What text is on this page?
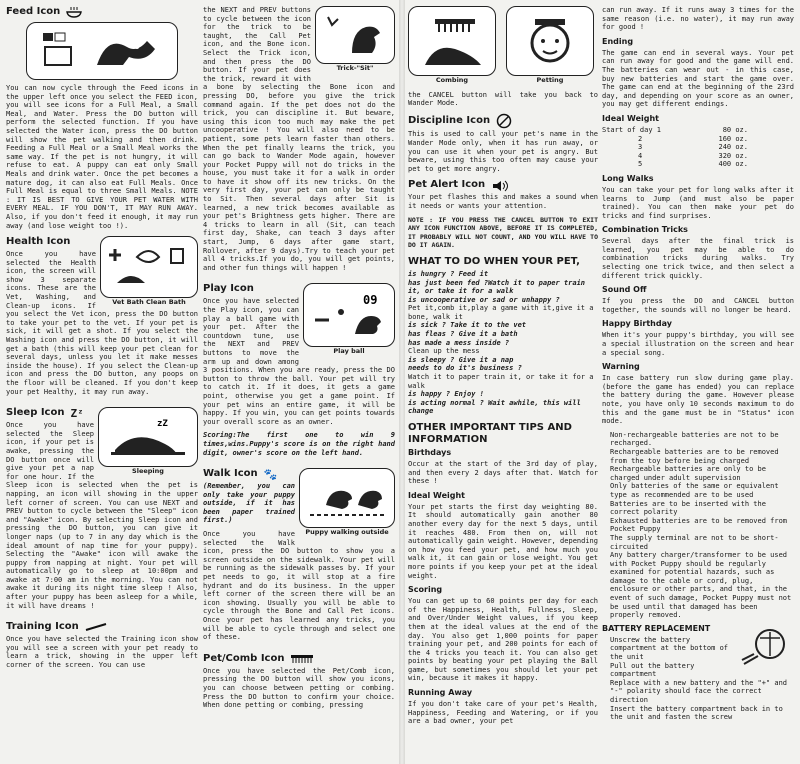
Feed Icon

You can now cycle through the Feed icons in the upper left once you select the FEED icon, you will see icons for a Full Meal, a Small Meal, and Water. Press the DO button will perform the selected function. If you have selected the Water icon, press the DO button will show the pet walking and then drink. Feeding a Full Meal or a Small Meal works the same way. If the pet is not hungry, it will refuse to eat. A puppy can eat only Small Meals and drink water. Once the pet becomes a mature dog, it can also eat Full Meals. Once Full Meal is equal to three Small Meals. NOTE : IT IS BEST TO GIVE YOUR PET WATER WITH EVERY MEAL. IF YOU DON'T, IT MAY RUN AWAY. Also, if you don't feed it enough, it may run away (and lose weight too !).

Vet Bath Clean Bath
Health Icon

Once you have selected the Health icon, the screen will show 3 separate icons. These are the Vet, Washing, and Clean-up icons. If you select the Vet icon, press the DO button to take your pet to the vet. If your pet is sick, it will get a shot. If you select the Washing icon and press the DO button, it will get a bath (this will keep your pet clean for several days, unless you let it make messes inside the house). If you select the Clean-up icon and press the DO button, any poops on the floor will be cleaned. If you don't keep your pet Healthy, it may run away.

zZ
Sleeping
Sleep Icon Zᶻ

Once you have selected the Sleep icon, if your pet is awake, pressing the DO button once will give your pet a nap for one hour. If the Sleep icon is selected when the pet is napping, an icon will showing in the upper left corner of screen. You can use NEXT and PREV button to cycle between the "Sleep" icon and "Awake" icon. By selecting Sleep icon and pressing the DO button, you can give it longer naps (up to 7 in any day which is the ideal amount of nap time for your puppy). Selecting the "Awake" icon will awake the puppy from napping at night. Your pet will automatically go to sleep at 10:00pm and awake at 7:00 am in the morning. You can not awake it during its night time sleep ! Also, after your puppy has been asleep for a while, it will have dreams !

Training Icon

Once you have selected the Training icon show you will see a screen with your pet ready to learn a trick, showing in the upper left corner of the screen. You can use

Trick-"Sit"

the NEXT and PREV buttons to cycle between the icon for the trick to be taught, the Call Pet icon, and the Bone icon. Select the Trick icon, and then press the DO button. If your pet does the trick, reward it with a bone by selecting the Bone icon and pressing DO, before you give the trick command again. If the pet does not do the trick, you can discipline it. But beware, using this icon too much may make the pet uncooperative ! You will also need to be patient, some pets learn faster than others. When the pet finally learns the trick, you can go back to Wander Mode again, however your Pocket Puppy will not do tricks in the house, you must take it for a walk in order to have it show off its new tricks. On the very first day, your pet can only be taught to Sit. Then several days after Sit is learned, a new trick becomes available as your pet's Brightness gets higher. There are 4 tricks to learn in all (Sit, can teach first day, Shake, can teach 3 days after start, Jump, 6 days after game start, Rollover, after 9 days).Try to teach your pet all 4 tricks.If you do, you will get points, and other fun things will happen !

09
Play ball
Play Icon

Once you have selected the Play icon, you can play a ball game with your pet. After the countdown tune, use the NEXT and PREV buttons to move the arm up and down among 3 positions. When you are ready, press the DO button to throw the ball. Your pet will try to catch it. If it does, it gets a game point, otherwise you get a game point. If your pet wins an entire game, it will be happy. If you win, you can get points towards your overall score as an owner.

Scoring:The first one to win 9 times,wins.Puppy's score is on the right hand digit, owner's score on the left hand.

Puppy walking outside
Walk Icon 🐾

(Remember, you can only take your puppy outside, if it has been paper trained first.)

Once you have selected the Walk icon, press the DO button to show you a screen outside on the sidewalk. Your pet will be running as the sidewalk passes by. If your pet needs to go, it will stop at a fire hydrant and do its business. In the upper left corner of the screen there will be an icon showing. Usually you will be able to cycle through the Bone and Call Pet icons. Once your pet has learned any tricks, you will be able to cycle through and select one of these.

Pet/Comb Icon

Once you have selected the Pet/Comb icon, pressing the DO button will show you icons, you can choose between petting or combing. Press the DO button to confirm your choice. When done petting or combing, pressing

Combing	Petting

the CANCEL button will take you back to Wander Mode.

Discipline Icon

This is used to call your pet's name in the Wander Mode only, when it has run away, or you can use it when your pet is angry. But beware, using this too often may cause your pet to get more angry.

Pet Alert Icon

Your pet flashes this and makes a sound when it needs or wants your attention.

NOTE : IF YOU PRESS THE CANCEL BUTTON TO EXIT ANY ICON FUNCTION ABOVE, BEFORE IT IS COMPLETED, IT PROBABLY WILL NOT COUNT, AND YOU WILL HAVE TO DO IT AGAIN.

WHAT TO DO WHEN YOUR PET,
is hungry ? Feed it
has just been fed ?Watch it to paper train it, or take it for a walk
is uncooperative or sad or unhappy ?
Pet it,comb it,play a game with it,give it a bone, walk it
is sick ? Take it to the vet
has fleas ? Give it a bath
has made a mess inside ?
Clean up the mess
is sleepy ? Give it a nap
needs to do it's business ?
Watch it to paper train it, or take it for a walk
is happy ? Enjoy !
is acting normal ? Wait awhile, this will change
OTHER IMPORTANT TIPS AND INFORMATION
Birthdays

Occur at the start of the 3rd day of play, and then every 2 days after that. Watch for these !

Ideal Weight

Your pet starts the first day weighting 80. It should automatically gain another 80 another every day for the next 5 days, until it reaches 480. From then on, will not automatically gain weight. However, depending on how you feed your pet, and how much you walk it, it can gain or lose weight. You get more points if you keep your pet at the ideal weight.

Scoring

You can get up to 60 points per day for each of the Happiness, Health, Fullness, Sleep, and Over/Under Weight values, if you keep them at the ideal values at the end of the day. You also get 1,000 points for paper training your pet, and 200 points for each of the 4 tricks you teach it. You can also get points by beating your pet playing the Ball game, but sometimes you should let your pet win, because it makes it happy.

Running Away

If you don't take care of your pet's Health, Happiness, Feeding and Watering, or if you are a bad owner, your pet

can run away. If it runs away 3 times for the same reason (i.e. no water), it may run away for good !

Ending

The game can end in several ways. Your pet can run away for good and the game will end. The batteries can wear out - in this case, buy new batteries and start the game over. The game can end at the beginning of the 23rd day, and depending on your score as an owner, you may get different endings.

Ideal Weight
Start of day 1	80 oz.
2	160 oz.
3	240 oz.
4	320 oz.
5	400 oz.
Long Walks

You can take your pet for long walks after it learns to Jump (and must also be paper trained). You can then make your pet do tricks and find surprises.

Combination Tricks

Several days after the final trick is learned, you pet may be able to do combination tricks during walks. Try selecting one trick twice, and then select a different trick quickly.

Sound Off

If you press the DO and CANCEL button together, the sounds will no longer be heard.

Happy Birthday

When it's your puppy's birthday, you will see a special illustration on the screen and hear a special song.

Warning

In case battery run slow during game play. (before the game has ended) you can replace the battery during the game. However please note, you have only 10 seconds maximum to do this and the game must be in "Status" icon mode.

• Non-rechargeable batteries are not to be recharged.
• Rechargeable batteries are to be removed from the toy before being charged
• Rechargeable batteries are only to be charged under adult supervision
• Only batteries of the same or equivalent type as recommended are to be used
• Batteries are to be inserted with the correct polarity
• Exhausted batteries are to be removed from Pocket Puppy
• The supply terminal are not to be short-circuited
• Any battery charger/transformer to be used with Pocket Puppy should be regularly examined for potential hazards, such as damage to the cable or cord, plug, enclosure or other parts, and that, in the event of such damage, Pocket Puppy must not be used until that damaged has been properly removed.
BATTERY REPLACEMENT
• Unscrew the battery compartment at the bottom of the unit
• Pull out the battery compartment
• Replace with a new battery and the "+" and "-" polarity should face the correct direction
• Insert the battery compartment back in to the unit and fasten the screw
